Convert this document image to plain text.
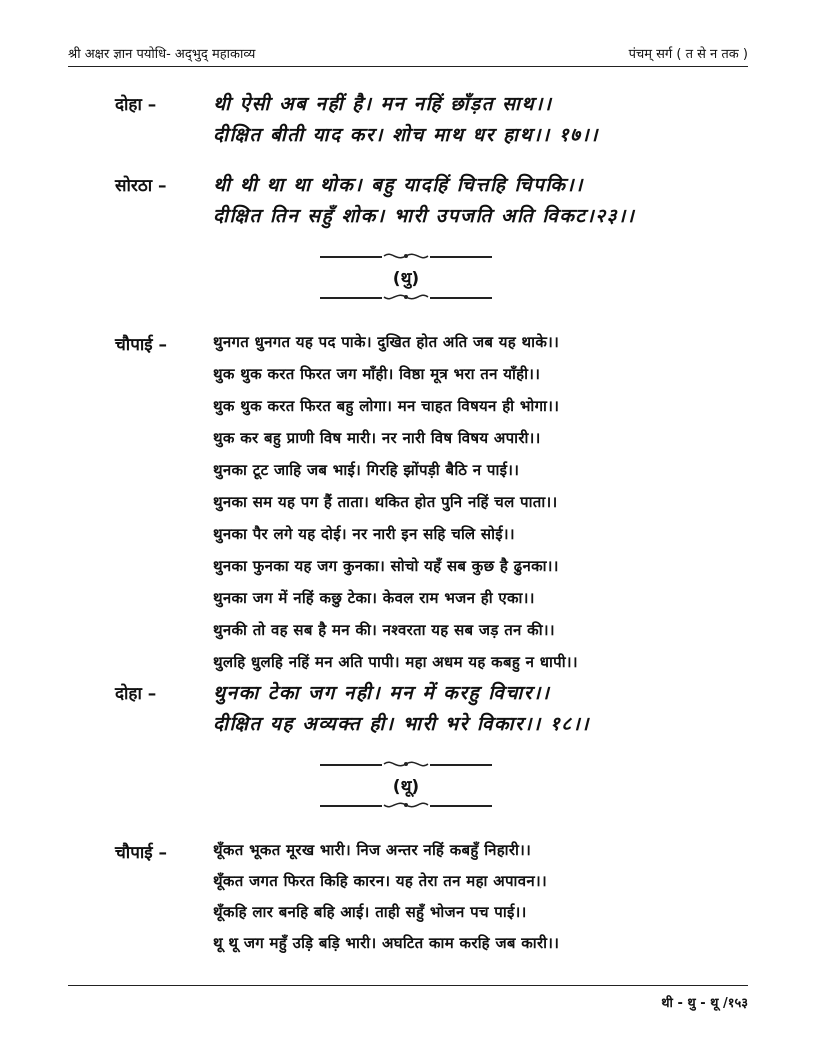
श्री अक्षर ज्ञान पयोधि- अद्‌भुद् महाकाव्य	पंचम् सर्ग ( त से न तक )
दोहा –	थी ऐसी अब नहीं है। मन नहिं छाँड़त साथ।।
दीक्षित बीती याद कर। शोच माथ धर हाथ।। १७।।
सोरठा – थी थी था था थोक। बहु यादहिं चित्तहि चिपकि।।
दीक्षित तिन सहुँ शोक। भारी उपजति अति विकट।२३।।
(थु)
चौपाई –	थुनगत धुनगत यह पद पाके। दुखित होत अति जब यह थाके।।
थुक थुक करत फिरत जग माँही। विष्ठा मूत्र भरा तन याँही।।
थुक थुक करत फिरत बहु लोगा। मन चाहत विषयन ही भोगा।।
थुक कर बहु प्राणी विष मारी। नर नारी विष विषय अपारी।।
थुनका टूट जाहि जब भाई। गिरहि झोंपड़ी बैठि न पाई।।
थुनका सम यह पग हैं ताता। थकित होत पुनि नहिं चल पाता।।
थुनका पैर लगे यह दोई। नर नारी इन सहि चलि सोई।।
थुनका फुनका यह जग कुनका। सोचो यहँ सब कुछ है ढुनका।।
थुनका जग में नहिं कछु टेका। केवल राम भजन ही एका।।
थुनकी तो वह सब है मन की। नश्वरता यह सब जड़ तन की।।
थुलहि धुलहि नहिं मन अति पापी। महा अधम यह कबहु न धापी।।
दोहा –	थुनका टेका जग नही। मन में करहु विचार।।
दीक्षित यह अव्यक्त ही। भारी भरे विकार।। १८।।
(थू)
चौपाई –	थूँकत भूकत मूरख भारी। निज अन्तर नहिं कबहुँ निहारी।।
थूँकत जगत फिरत किहि कारन। यह तेरा तन महा अपावन।।
थूँकहि लार बनहि बहि आई। ताही सहुँ भोजन पच पाई।।
थू थू जग महुँ उड़ि बड़ि भारी। अघटित काम करहि जब कारी।।
थी - थु - थू /१५३
